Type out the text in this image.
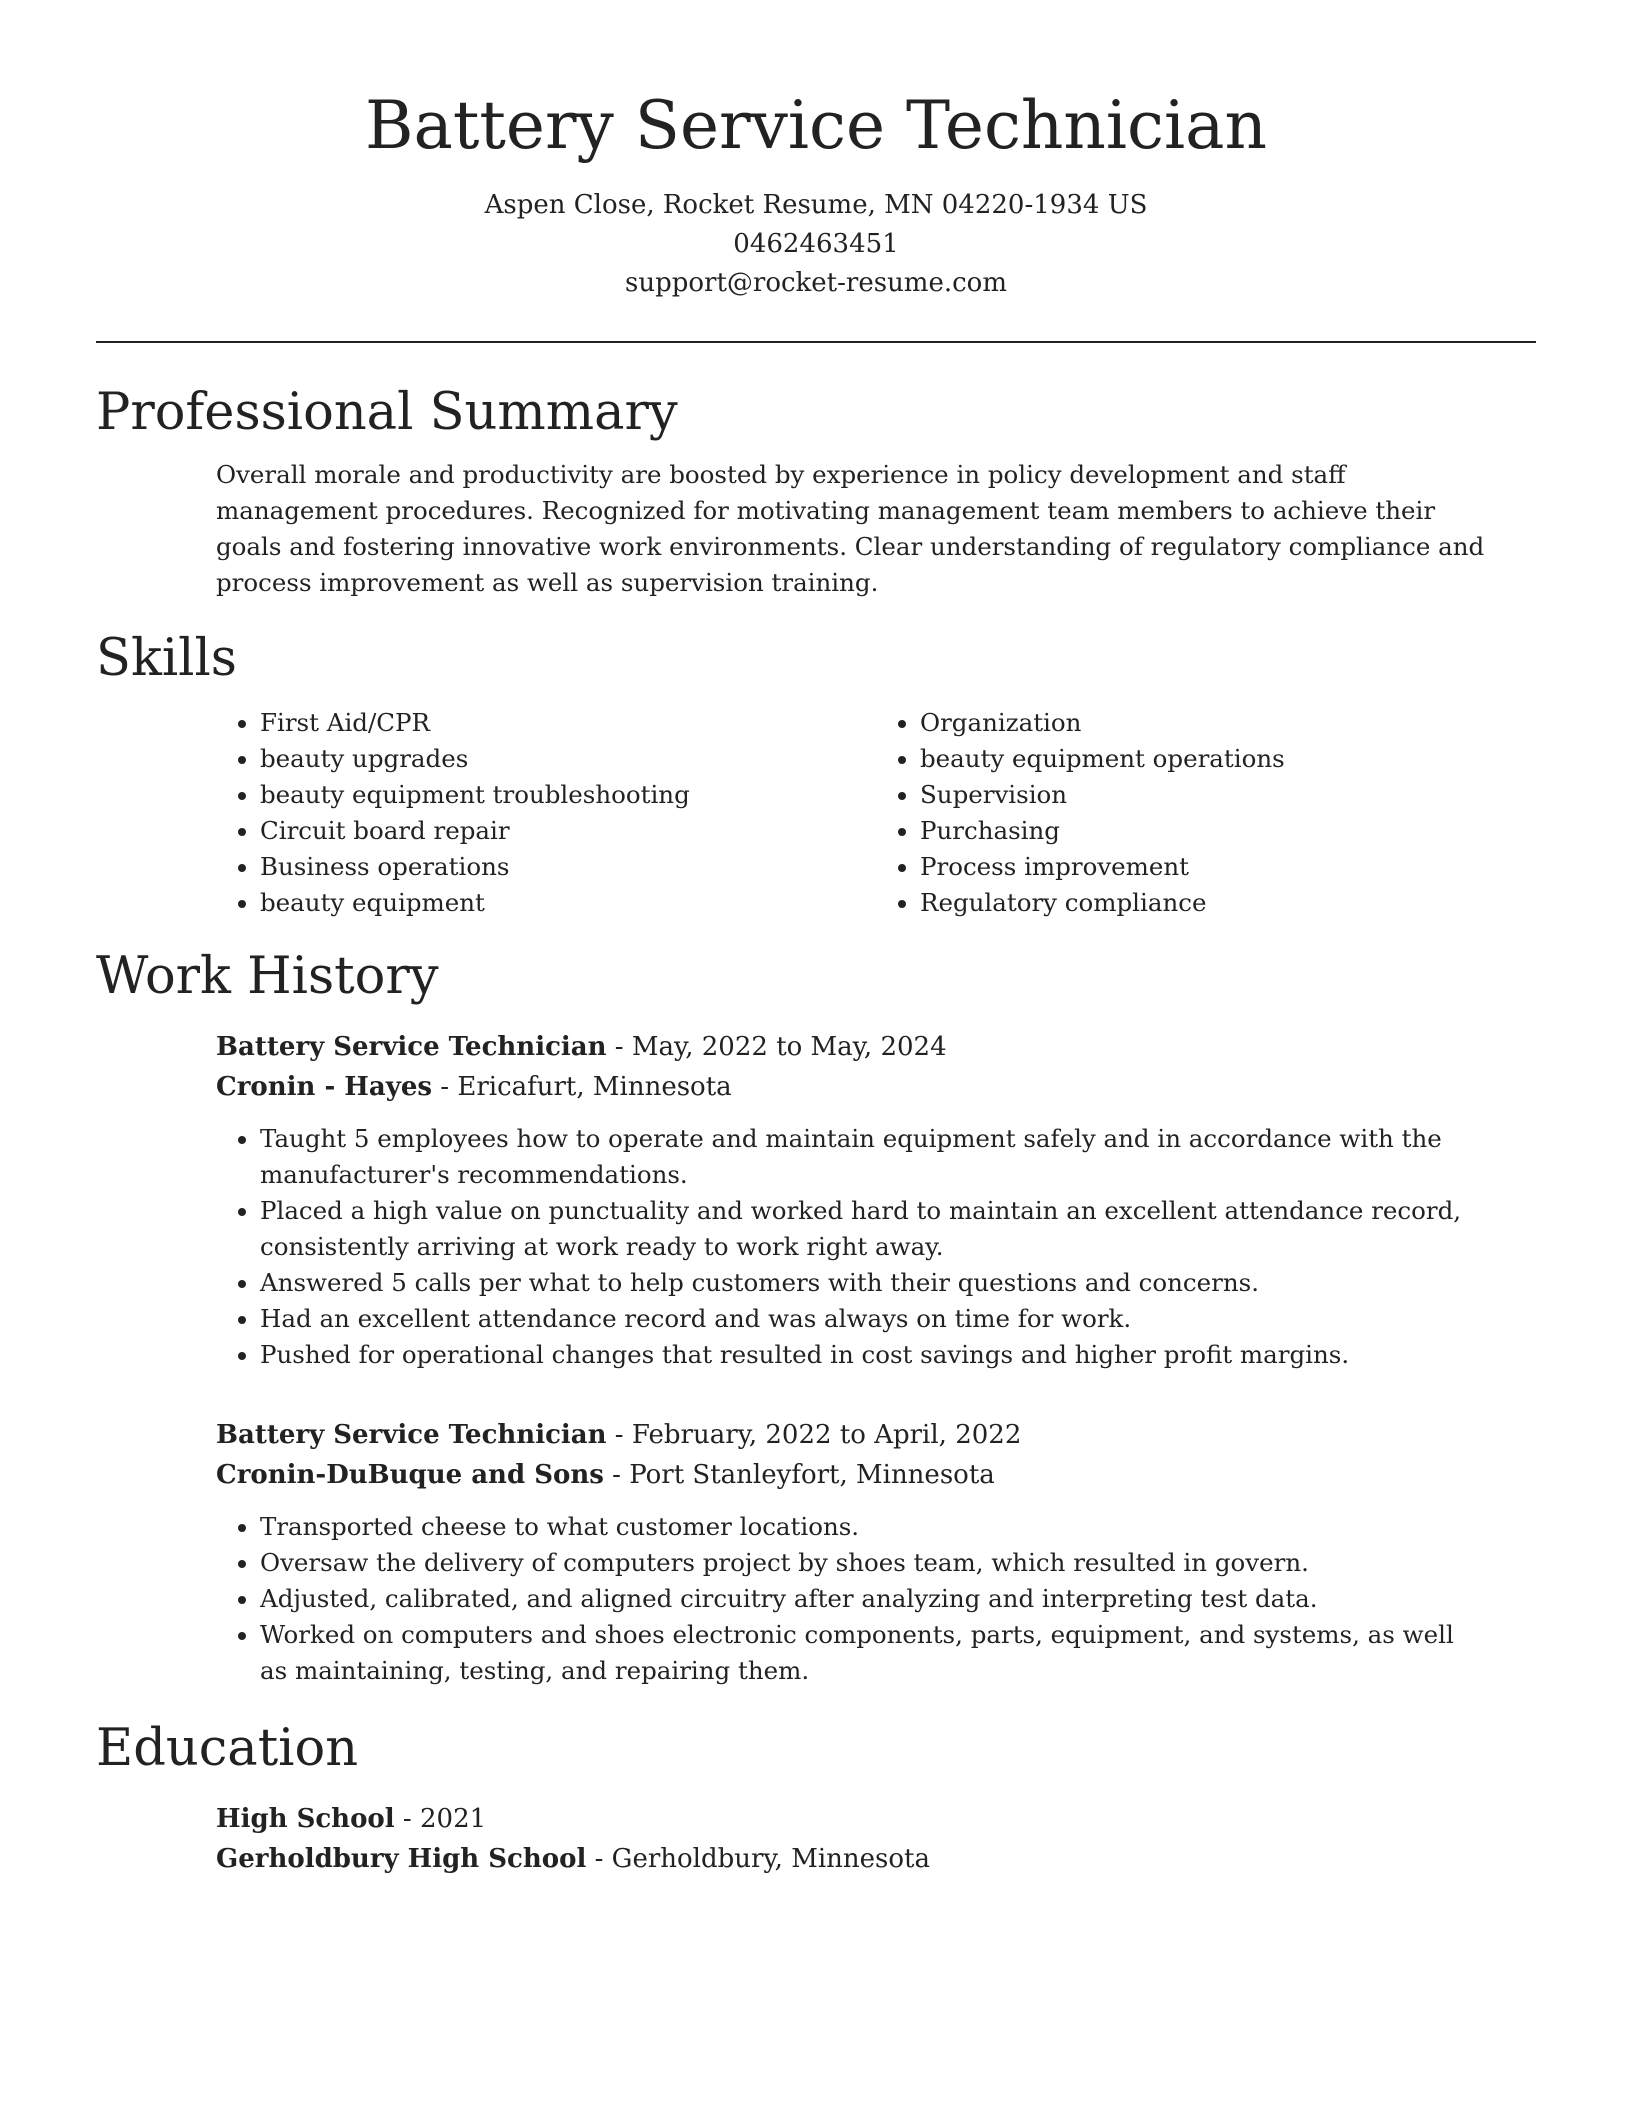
Battery Service Technician
Aspen Close, Rocket Resume, MN 04220-1934 US
0462463451
support@rocket-resume.com
Professional Summary

Overall morale and productivity are boosted by experience in policy development and staff management procedures. Recognized for motivating management team members to achieve their goals and fostering innovative work environments. Clear understanding of regulatory compliance and process improvement as well as supervision training.

Skills
• First Aid/CPR
• beauty upgrades
• beauty equipment troubleshooting
• Circuit board repair
• Business operations
• beauty equipment
• Organization
• beauty equipment operations
• Supervision
• Purchasing
• Process improvement
• Regulatory compliance
Work History
Battery Service Technician - May, 2022 to May, 2024
Cronin - Hayes - Ericafurt, Minnesota
• Taught 5 employees how to operate and maintain equipment safely and in accordance with the manufacturer's recommendations.
• Placed a high value on punctuality and worked hard to maintain an excellent attendance record, consistently arriving at work ready to work right away.
• Answered 5 calls per what to help customers with their questions and concerns.
• Had an excellent attendance record and was always on time for work.
• Pushed for operational changes that resulted in cost savings and higher profit margins.
Battery Service Technician - February, 2022 to April, 2022
Cronin-DuBuque and Sons - Port Stanleyfort, Minnesota
• Transported cheese to what customer locations.
• Oversaw the delivery of computers project by shoes team, which resulted in govern.
• Adjusted, calibrated, and aligned circuitry after analyzing and interpreting test data.
• Worked on computers and shoes electronic components, parts, equipment, and systems, as well as maintaining, testing, and repairing them.
Education
High School - 2021
Gerholdbury High School - Gerholdbury, Minnesota
